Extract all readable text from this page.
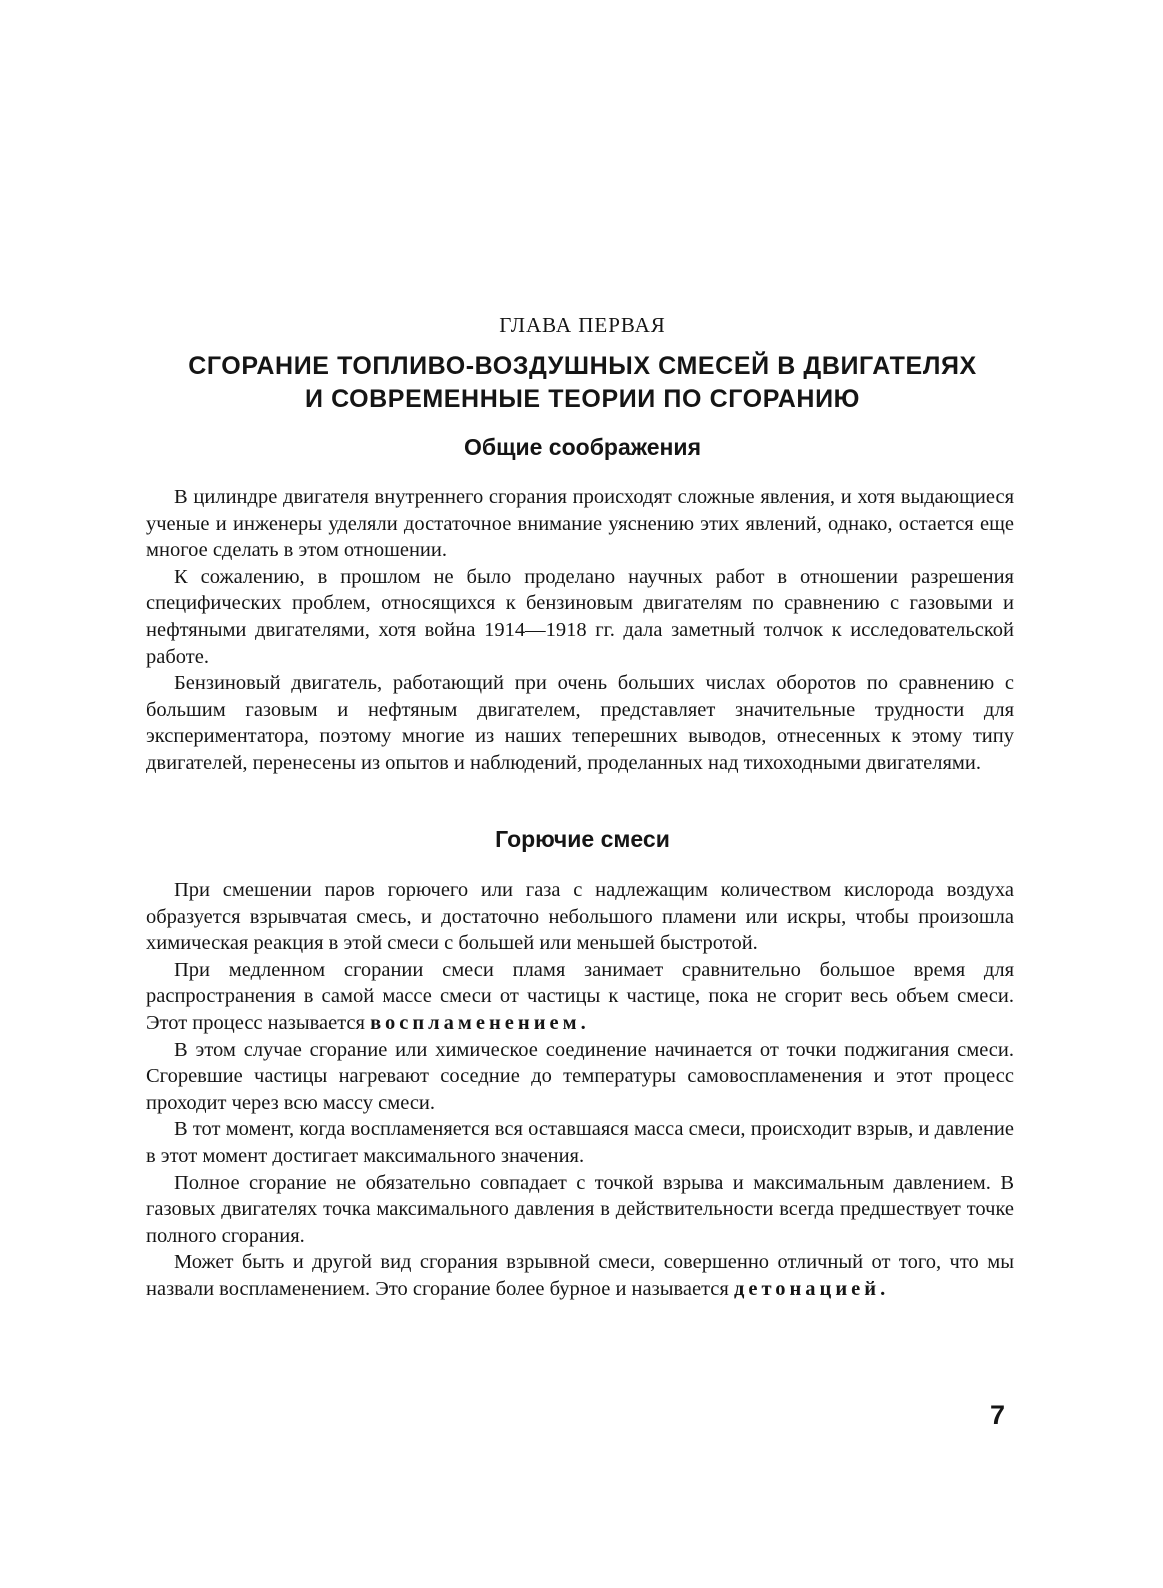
ГЛАВА ПЕРВАЯ
СГОРАНИЕ ТОПЛИВО-ВОЗДУШНЫХ СМЕСЕЙ В ДВИГАТЕЛЯХ
И СОВРЕМЕННЫЕ ТЕОРИИ ПО СГОРАНИЮ
Общие соображения

В цилиндре двигателя внутреннего сгорания происходят сложные явления, и хотя выдающиеся ученые и инженеры уделяли достаточное внимание уяснению этих явлений, однако, остается еще многое сделать в этом отношении.

К сожалению, в прошлом не было проделано научных работ в отношении разрешения специфических проблем, относящихся к бензиновым двигателям по сравнению с газовыми и нефтяными двигателями, хотя война 1914—1918 гг. дала заметный толчок к исследовательской работе.

Бензиновый двигатель, работающий при очень больших числах оборотов по сравнению с большим газовым и нефтяным двигателем, представляет значительные трудности для экспериментатора, поэтому многие из наших теперешних выводов, отнесенных к этому типу двигателей, перенесены из опытов и наблюдений, проделанных над тихоходными двигателями.

Горючие смеси

При смешении паров горючего или газа с надлежащим количеством кислорода воздуха образуется взрывчатая смесь, и достаточно небольшого пламени или искры, чтобы произошла химическая реакция в этой смеси с большей или меньшей быстротой.

При медленном сгорании смеси пламя занимает сравнительно большое время для распространения в самой массе смеси от частицы к частице, пока не сгорит весь объем смеси. Этот процесс называется воспламенением.

В этом случае сгорание или химическое соединение начинается от точки поджигания смеси. Сгоревшие частицы нагревают соседние до температуры самовоспламенения и этот процесс проходит через всю массу смеси.

В тот момент, когда воспламеняется вся оставшаяся масса смеси, происходит взрыв, и давление в этот момент достигает максимального значения.

Полное сгорание не обязательно совпадает с точкой взрыва и максимальным давлением. В газовых двигателях точка максимального давления в действительности всегда предшествует точке полного сгорания.

Может быть и другой вид сгорания взрывной смеси, совершенно отличный от того, что мы назвали воспламенением. Это сгорание более бурное и называется детонацией.

7
